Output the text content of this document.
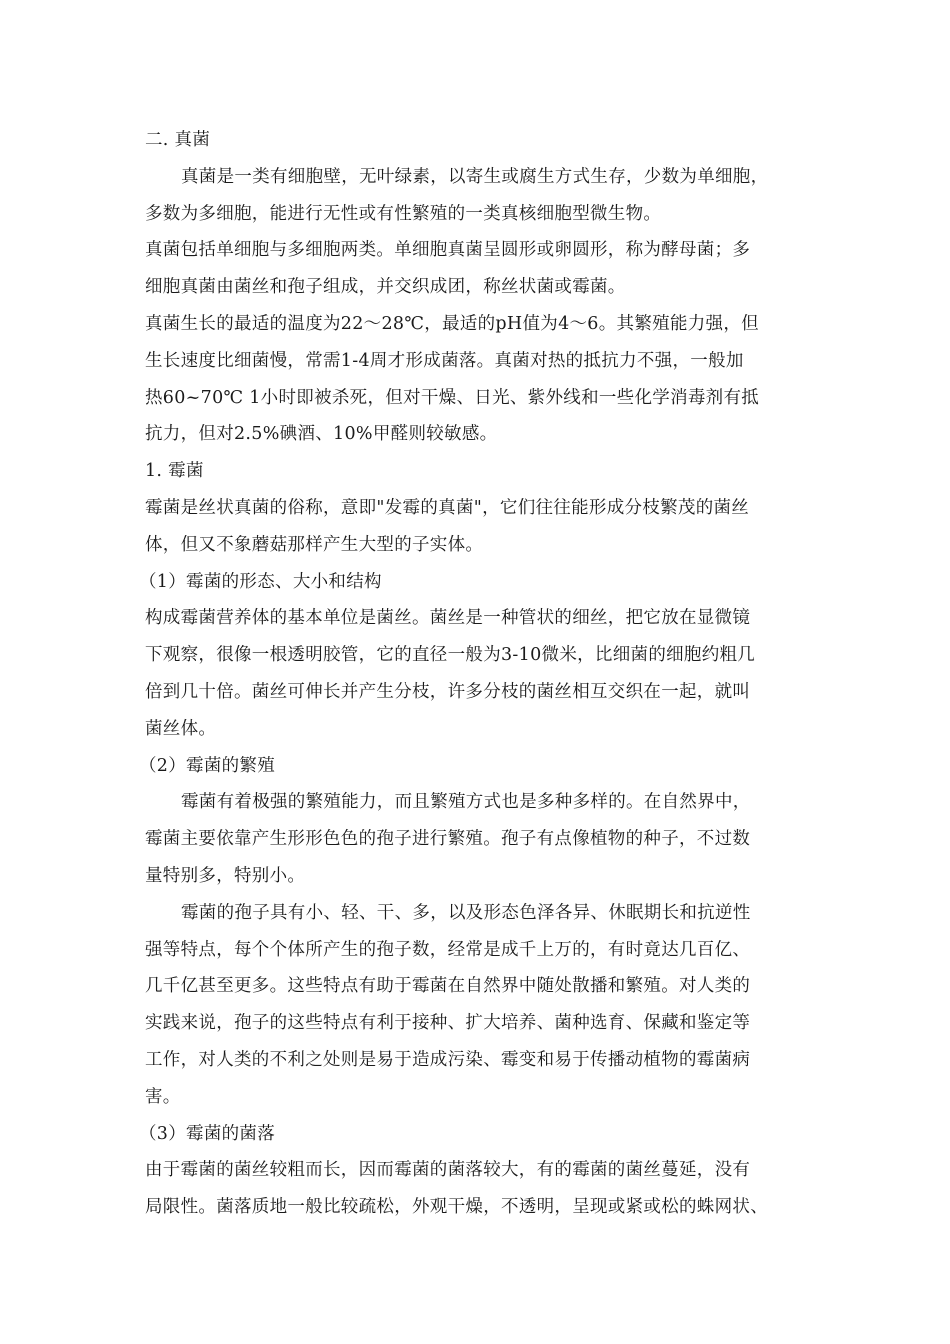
二. 真菌
真菌是一类有细胞壁，无叶绿素，以寄生或腐生方式生存，少数为单细胞，
多数为多细胞，能进行无性或有性繁殖的一类真核细胞型微生物。
真菌包括单细胞与多细胞两类。单细胞真菌呈圆形或卵圆形，称为酵母菌；多
细胞真菌由菌丝和孢子组成，并交织成团，称丝状菌或霉菌。
真菌生长的最适的温度为22～28℃，最适的pH值为4～6。其繁殖能力强，但
生长速度比细菌慢，常需1-4周才形成菌落。真菌对热的抵抗力不强，一般加
热60~70℃ 1小时即被杀死，但对干燥、日光、紫外线和一些化学消毒剂有抵
抗力，但对2.5%碘酒、10%甲醛则较敏感。
1. 霉菌
霉菌是丝状真菌的俗称，意即"发霉的真菌"，它们往往能形成分枝繁茂的菌丝
体，但又不象蘑菇那样产生大型的子实体。
（1）霉菌的形态、大小和结构
构成霉菌营养体的基本单位是菌丝。菌丝是一种管状的细丝，把它放在显微镜
下观察，很像一根透明胶管，它的直径一般为3-10微米，比细菌的细胞约粗几
倍到几十倍。菌丝可伸长并产生分枝，许多分枝的菌丝相互交织在一起，就叫
菌丝体。
（2）霉菌的繁殖
霉菌有着极强的繁殖能力，而且繁殖方式也是多种多样的。在自然界中，
霉菌主要依靠产生形形色色的孢子进行繁殖。孢子有点像植物的种子，不过数
量特别多，特别小。
霉菌的孢子具有小、轻、干、多，以及形态色泽各异、休眠期长和抗逆性
强等特点，每个个体所产生的孢子数，经常是成千上万的，有时竟达几百亿、
几千亿甚至更多。这些特点有助于霉菌在自然界中随处散播和繁殖。对人类的
实践来说，孢子的这些特点有利于接种、扩大培养、菌种选育、保藏和鉴定等
工作，对人类的不利之处则是易于造成污染、霉变和易于传播动植物的霉菌病
害。
（3）霉菌的菌落
由于霉菌的菌丝较粗而长，因而霉菌的菌落较大，有的霉菌的菌丝蔓延，没有
局限性。菌落质地一般比较疏松，外观干燥，不透明，呈现或紧或松的蛛网状、
